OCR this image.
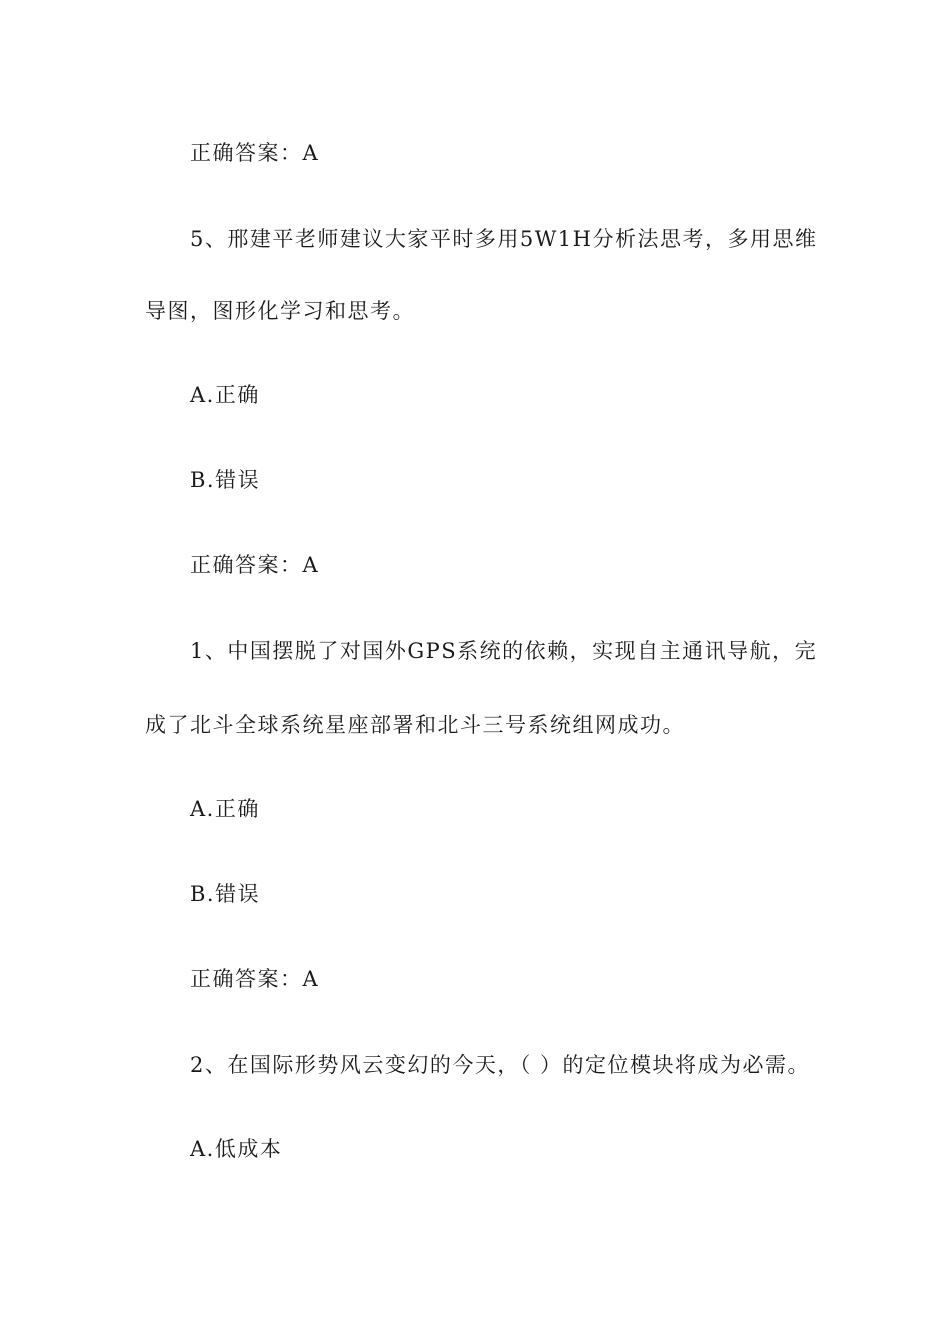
正确答案：A
5、邢建平老师建议大家平时多用5W1H分析法思考，多用思维
导图，图形化学习和思考。
A.正确
B.错误
正确答案：A
1、中国摆脱了对国外GPS系统的依赖，实现自主通讯导航，完
成了北斗全球系统星座部署和北斗三号系统组网成功。
A.正确
B.错误
正确答案：A
2、在国际形势风云变幻的今天，（ ）的定位模块将成为必需。
A.低成本
